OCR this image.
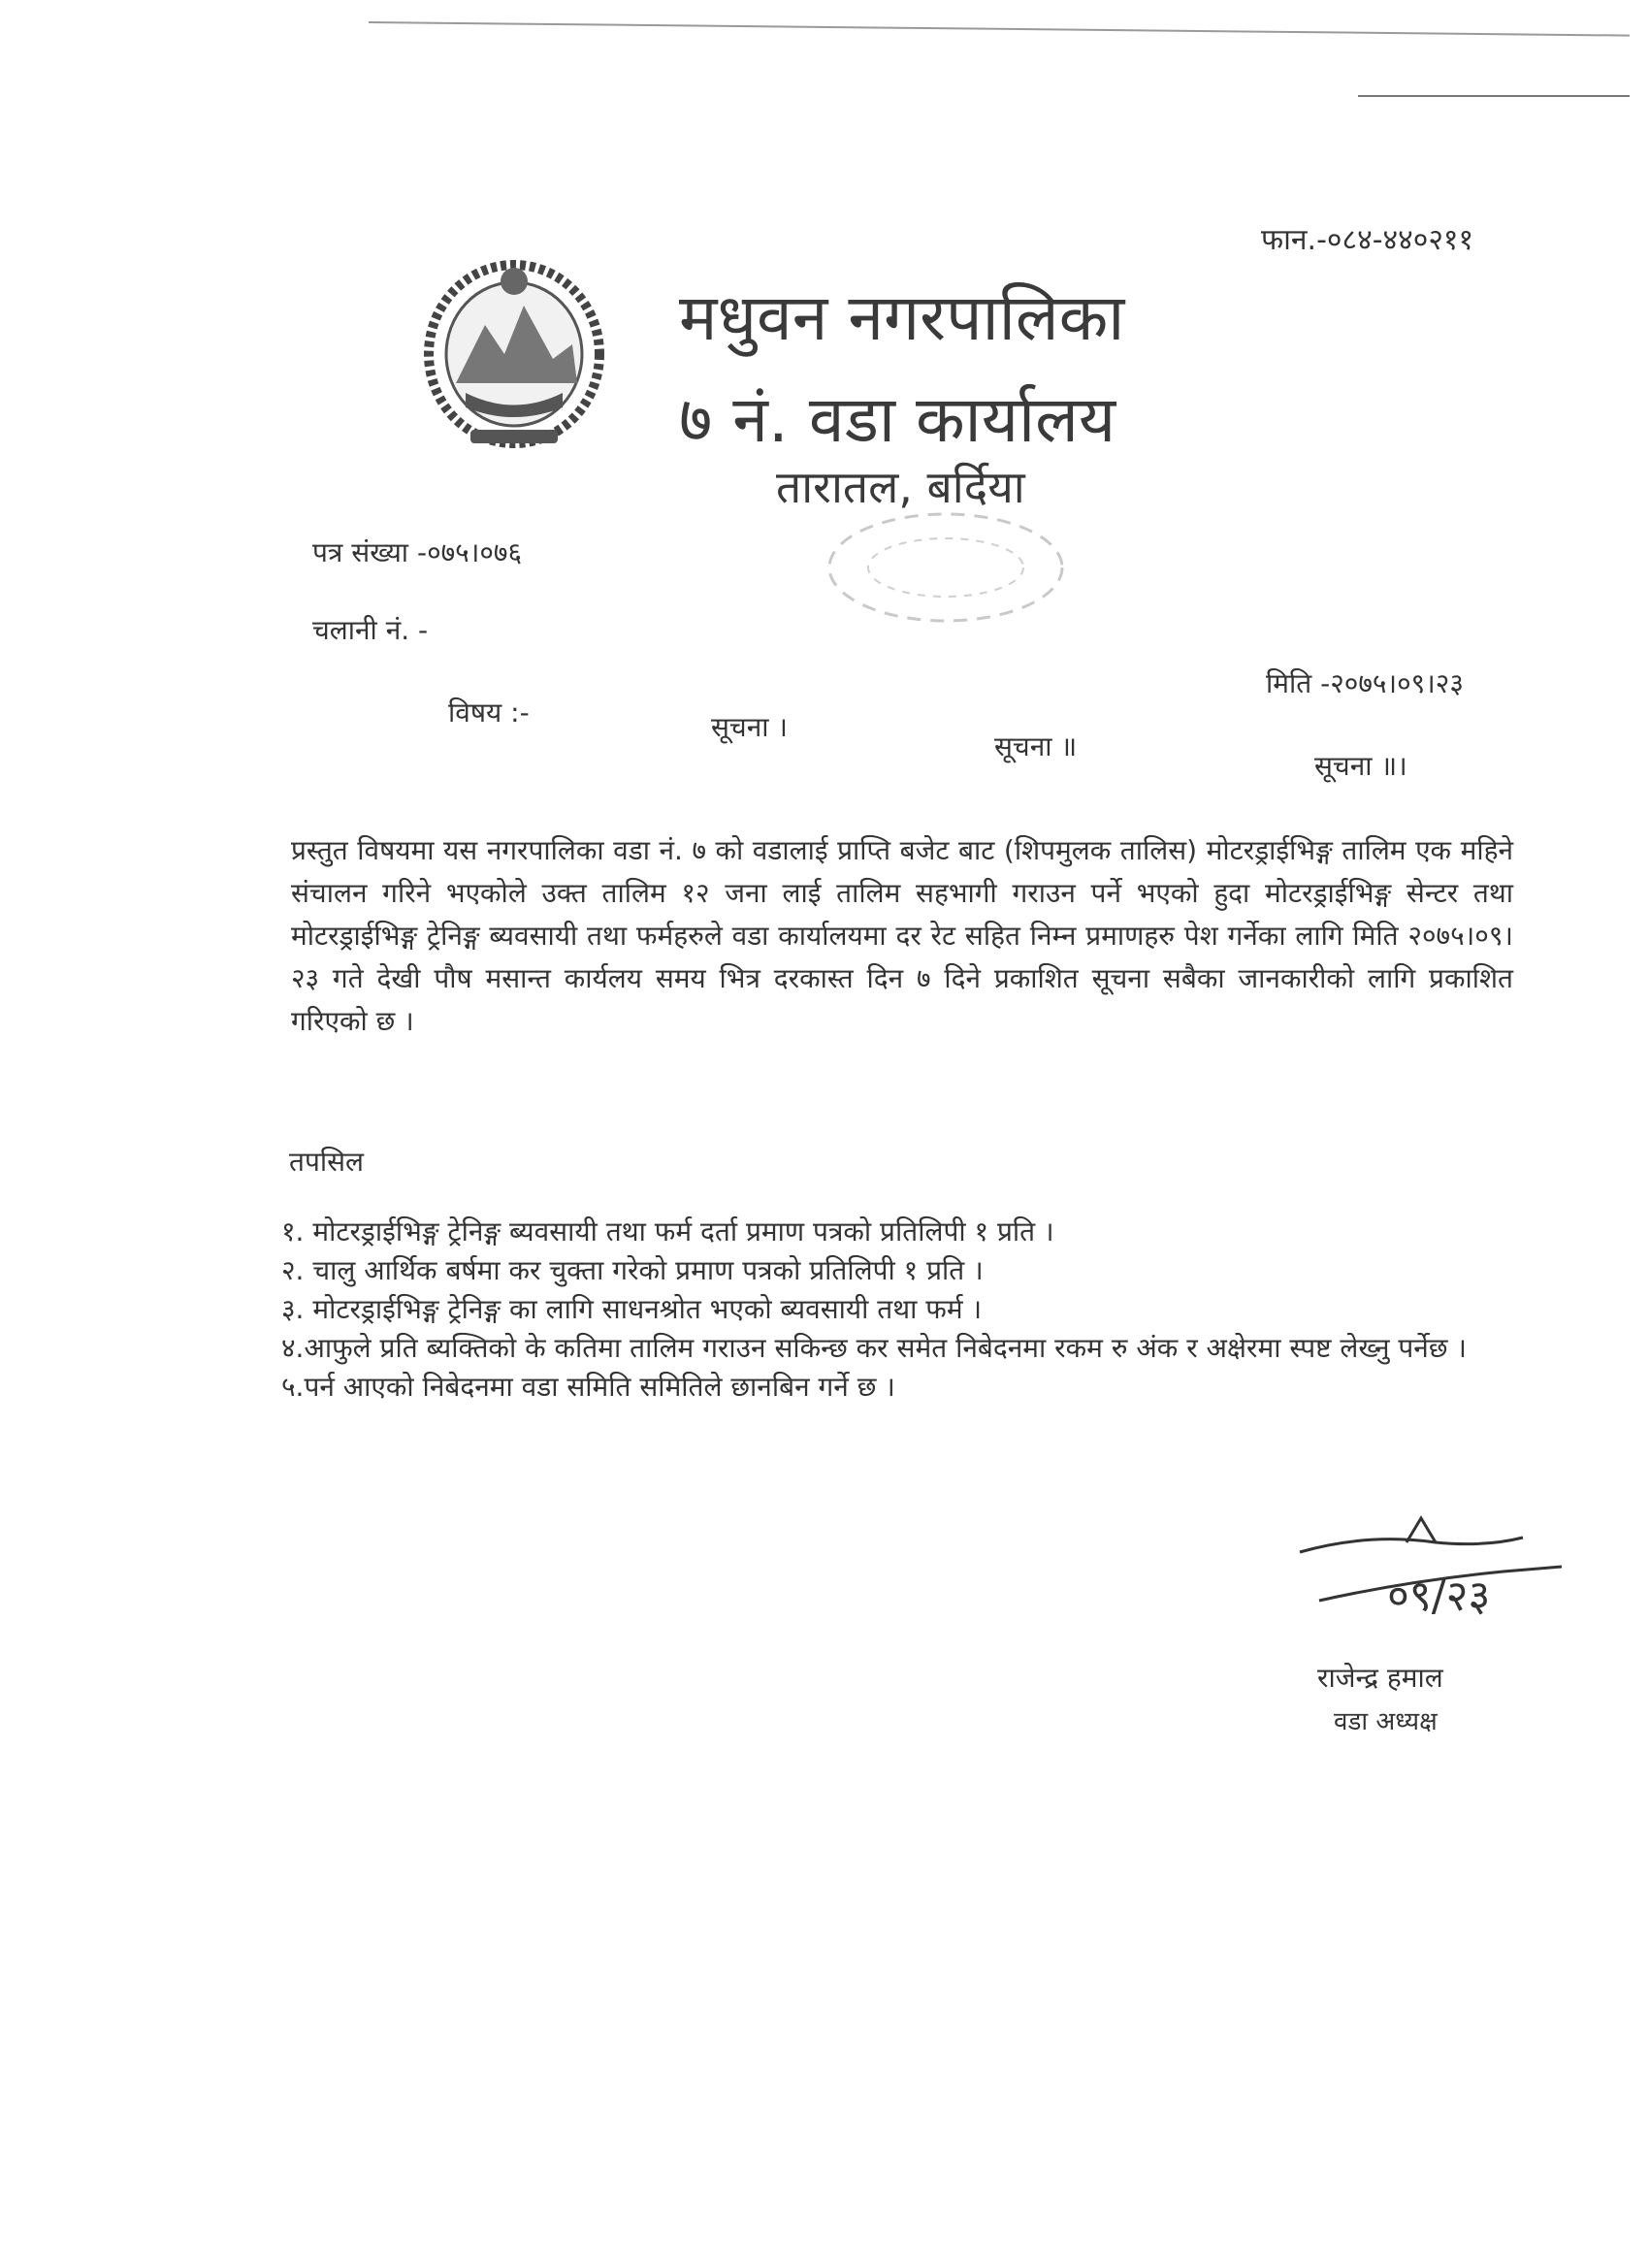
फान.-०८४-४४०२११
मधुवन नगरपालिका
७ नं. वडा कार्यालय
तारातल, बर्दिया
पत्र संख्या -०७५।०७६
चलानी नं. -
मिति -२०७५।०९।२३
विषय :-	सूचना ।
सूचना ॥
सूचना ॥।
प्रस्तुत विषयमा यस नगरपालिका वडा नं. ७ को वडालाई प्राप्ति बजेट बाट (शिपमुलक तालिस) मोटरड्राईभिङ्ग तालिम एक महिने संचालन गरिने भएकोले उक्त तालिम १२ जना लाई तालिम सहभागी गराउन पर्ने भएको हुदा मोटरड्राईभिङ्ग सेन्टर तथा मोटरड्राईभिङ्ग ट्रेनिङ्ग ब्यवसायी तथा फर्महरुले वडा कार्यालयमा दर रेट सहित निम्न प्रमाणहरु पेश गर्नेका लागि मिति २०७५।०९।२३ गते देखी पौष मसान्त कार्यलय समय भित्र दरकास्त दिन ७ दिने प्रकाशित सूचना सबैका जानकारीको लागि प्रकाशित गरिएको छ ।
तपसिल
१. मोटरड्राईभिङ्ग ट्रेनिङ्ग ब्यवसायी तथा फर्म दर्ता प्रमाण पत्रको प्रतिलिपी १ प्रति ।
२. चालु आर्थिक बर्षमा कर चुक्ता गरेको प्रमाण पत्रको प्रतिलिपी १ प्रति ।
३. मोटरड्राईभिङ्ग ट्रेनिङ्ग का लागि साधनश्रोत भएको ब्यवसायी तथा फर्म ।
४.आफुले प्रति ब्यक्तिको के कतिमा तालिम गराउन सकिन्छ कर समेत निबेदनमा रकम रु अंक र अक्षेरमा स्पष्ट लेख्नु पर्नेछ ।
५.पर्न आएको निबेदनमा वडा समिति समितिले छानबिन गर्ने छ ।
०९/२३
राजेन्द्र हमाल
वडा अध्यक्ष
